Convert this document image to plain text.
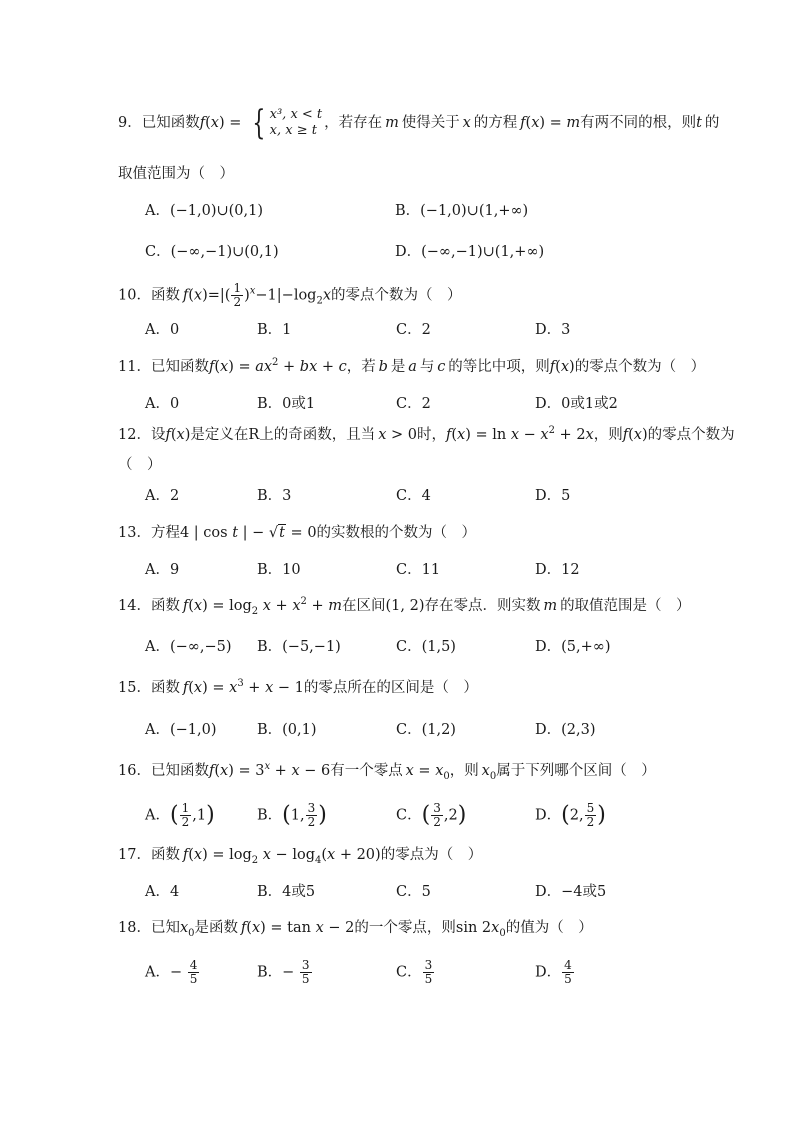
9．已知函数f(x) = { x³, x < t
x, x ≥ t ，若存在  m  使得关于  x  的方程  f(x) = m有两不同的根，则t  的
取值范围为（　）
A．(−1,0)∪(0,1)	B．(−1,0)∪(1,+∞)
C．(−∞,−1)∪(0,1)	D．(−∞,−1)∪(1,+∞)
10．函数  $f(x)=|( \frac{1}{2} )^x-1|-\log_2x$的零点个数为（　）
A．0	B．1	C．2	D．3
11．已知函数$f(x) = ax^2$ + bx + c，若  b  是  a  与  c  的等比中项，则f(x)的零点个数为（　）
A．0	B．0或1	C．2	D．0或1或2
12．设f(x)是定义在R上的奇函数，且当  x > 0时，$f(x) = \ln x - x^2 + 2x$，则f(x)的零点个数为
（　）
A．2	B．3	C．4	D．5
13．方程4 | cos t | − √t = 0的实数根的个数为（　）
A．9	B．10	C．11	D．12
14．函数  $f(x) = \log_2 x + x^2 + m$在区间(1, 2)存在零点．则实数  m  的取值范围是（　）
A．(−∞,−5) B．(−5,−1)	C．(1,5)	D．(5,+∞)
15．函数  $f(x) = x^3 + x - 1$的零点所在的区间是（　）
A．(−1,0)	B．(0,1)	C．(1,2)	D．(2,3)
16．已知函数$f(x) = 3^x + x - 6$有一个零点  $x = x_0$，则  $x_0$属于下列哪个区间（　）
A．( $\frac{1}{2} ,1$)	B．(1, $\frac{3}{2}$ )	C．( $\frac{3}{2} ,2$)	D．(2, $\frac{5}{2}$ )
17．函数  $f(x) = \log_2 x - \log_4(x + 20)$的零点为（　）
A．4	B．4或5	C．5	D．−4或5
18．已知$x_0$是函数  f(x) = tan x − 2的一个零点，则$\sin 2x_0$的值为（　）
A．− $\frac{4}{5}$	B．− $\frac{3}{5}$	C． $\frac{3}{5}$	D． $\frac{4}{5}$
